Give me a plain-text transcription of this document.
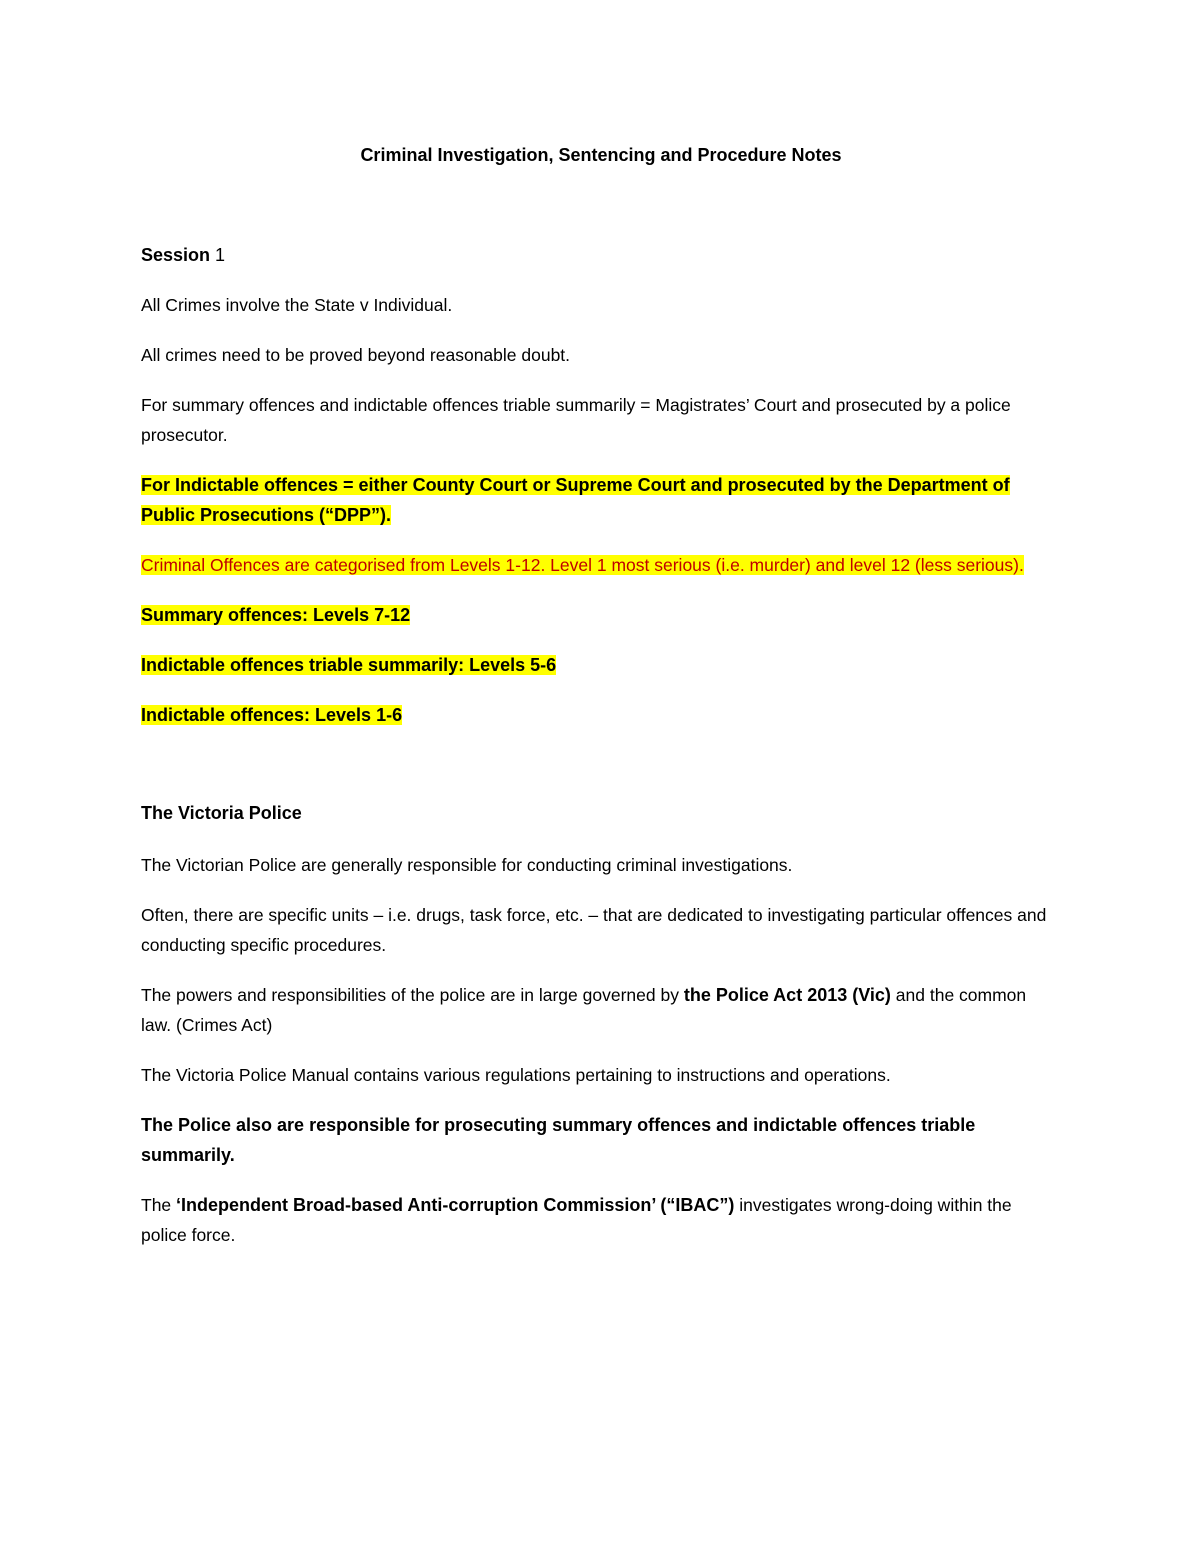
Criminal Investigation, Sentencing and Procedure Notes
Session 1

All Crimes involve the State v Individual.

All crimes need to be proved beyond reasonable doubt.

For summary offences and indictable offences triable summarily = Magistrates’ Court and prosecuted by a police prosecutor.

For Indictable offences = either County Court or Supreme Court and prosecuted by the Department of Public Prosecutions (“DPP”).

Criminal Offences are categorised from Levels 1-12. Level 1 most serious (i.e. murder) and level 12 (less serious).

Summary offences: Levels 7-12

Indictable offences triable summarily: Levels 5-6

Indictable offences: Levels 1-6

The Victoria Police

The Victorian Police are generally responsible for conducting criminal investigations.

Often, there are specific units – i.e. drugs, task force, etc. – that are dedicated to investigating particular offences and conducting specific procedures.

The powers and responsibilities of the police are in large governed by the Police Act 2013 (Vic) and the common law. (Crimes Act)

The Victoria Police Manual contains various regulations pertaining to instructions and operations.

The Police also are responsible for prosecuting summary offences and indictable offences triable summarily.

The ‘Independent Broad-based Anti-corruption Commission’ (“IBAC”) investigates wrong-doing within the police force.
